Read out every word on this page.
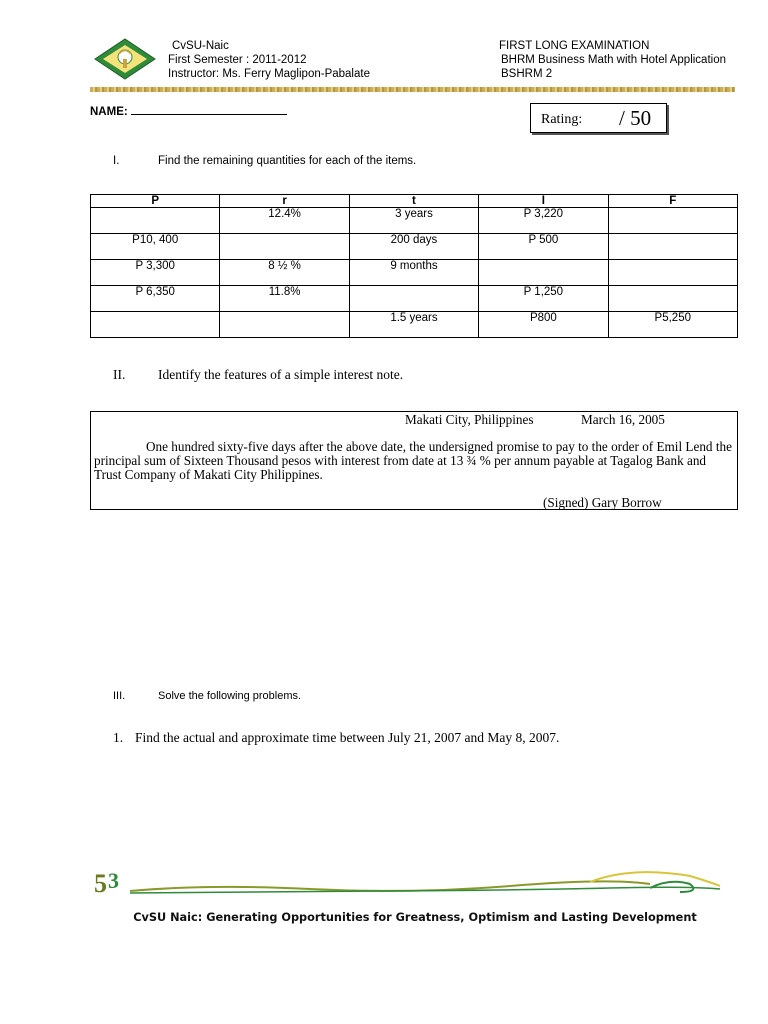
CvSU-Naic
First Semester : 2011-2012
Instructor: Ms. Ferry Maglipon-Pabalate
FIRST LONG EXAMINATION
BHRM Business Math with Hotel Application
BSHRM 2
NAME:	Rating: / 50
I.	Find the remaining quantities for each of the items.
P	r	t	I	F
	12.4%	3 years	P 3,220	
P10, 400		200 days	P 500	
P 3,300	8 ½ %	9 months		
P 6,350	11.8%		P 1,250	
		1.5 years	P800	P5,250
II. Identify the features of a simple interest note.
Makati City, Philippines	March 16, 2005
One hundred sixty-five days after the above date, the undersigned promise to pay to the order of Emil Lend the principal sum of Sixteen Thousand pesos with interest from date at 13 ¾ % per annum payable at Tagalog Bank and Trust Company of Makati City Philippines.
(Signed) Gary Borrow
III.	Solve the following problems.
1. Find the actual and approximate time between July 21, 2007 and May 8, 2007.
5 3
CvSU Naic: Generating Opportunities for Greatness, Optimism and Lasting Development
